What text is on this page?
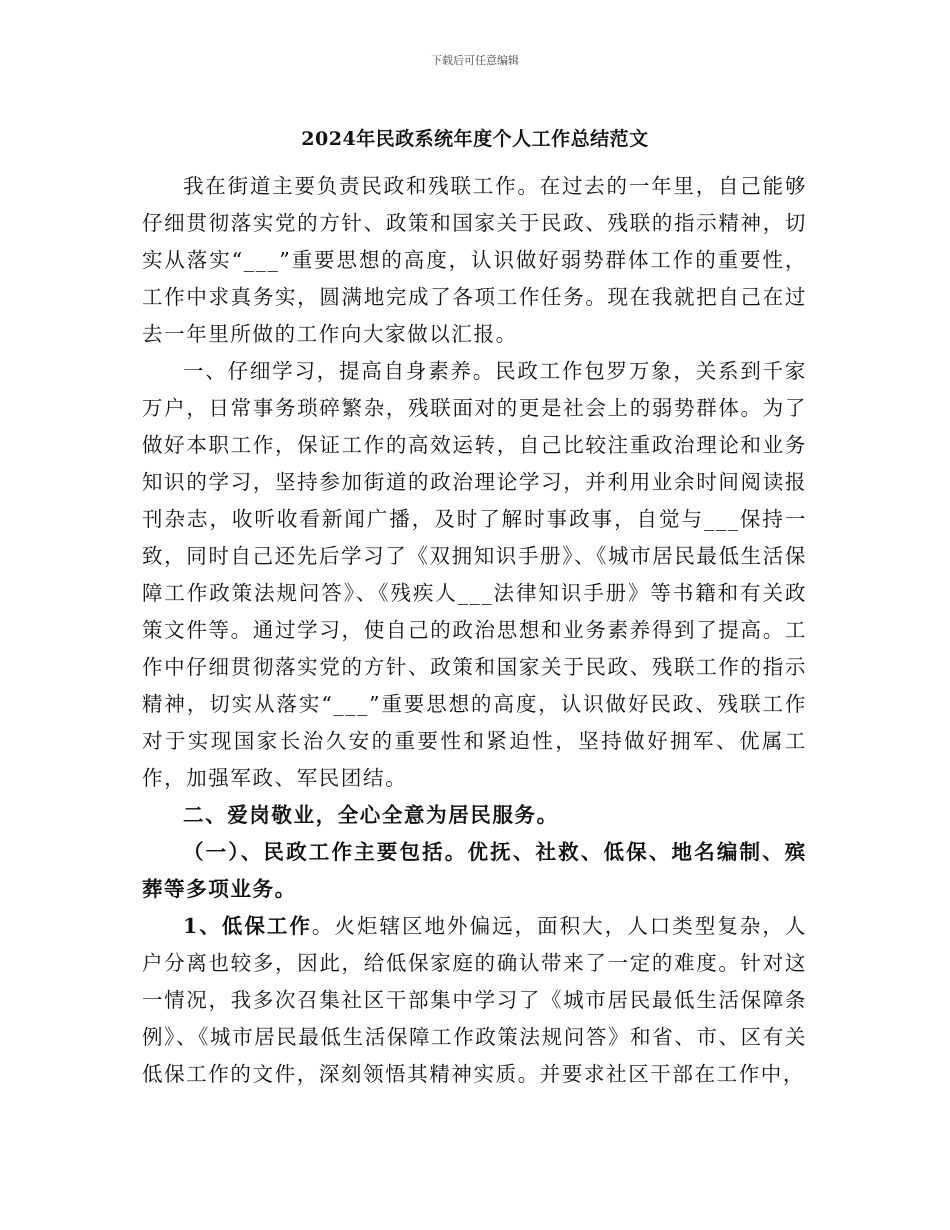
下载后可任意编辑
2024年民政系统年度个人工作总结范文

我在街道主要负责民政和残联工作。在过去的一年里，自己能够仔细贯彻落实党的方针、政策和国家关于民政、残联的指示精神，切实从落实“___”重要思想的高度，认识做好弱势群体工作的重要性，工作中求真务实，圆满地完成了各项工作任务。现在我就把自己在过去一年里所做的工作向大家做以汇报。

一、仔细学习，提高自身素养。民政工作包罗万象，关系到千家万户，日常事务琐碎繁杂，残联面对的更是社会上的弱势群体。为了做好本职工作，保证工作的高效运转，自己比较注重政治理论和业务知识的学习，坚持参加街道的政治理论学习，并利用业余时间阅读报刊杂志，收听收看新闻广播，及时了解时事政事，自觉与___保持一致，同时自己还先后学习了《双拥知识手册》、《城市居民最低生活保障工作政策法规问答》、《残疾人___法律知识手册》等书籍和有关政策文件等。通过学习，使自己的政治思想和业务素养得到了提高。工作中仔细贯彻落实党的方针、政策和国家关于民政、残联工作的指示精神，切实从落实“___”重要思想的高度，认识做好民政、残联工作对于实现国家长治久安的重要性和紧迫性，坚持做好拥军、优属工作，加强军政、军民团结。

二、爱岗敬业，全心全意为居民服务。

（一）、民政工作主要包括。优抚、社救、低保、地名编制、殡葬等多项业务。

1、低保工作。火炬辖区地外偏远，面积大，人口类型复杂，人户分离也较多，因此，给低保家庭的确认带来了一定的难度。针对这一情况，我多次召集社区干部集中学习了《城市居民最低生活保障条例》、《城市居民最低生活保障工作政策法规问答》和省、市、区有关低保工作的文件，深刻领悟其精神实质。并要求社区干部在工作中，
